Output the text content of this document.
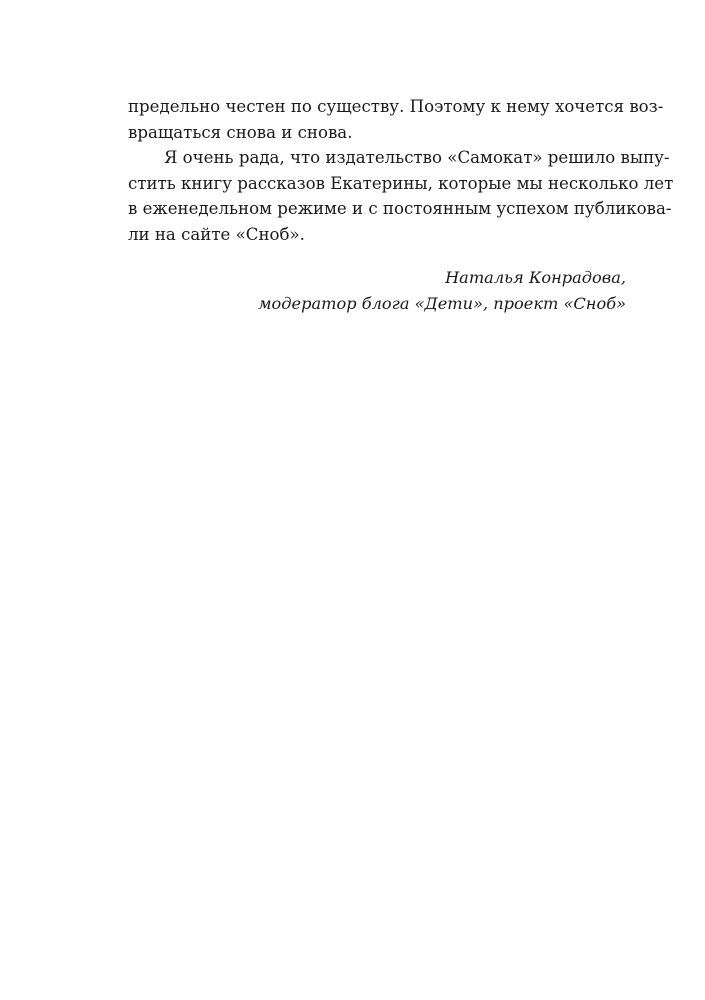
предельно честен по существу. Поэтому к нему хочется воз-
вращаться снова и снова.
Я очень рада, что издательство «Самокат» решило выпу-
стить книгу рассказов Екатерины, которые мы несколько лет
в еженедельном режиме и с постоянным успехом публикова-
ли на сайте «Сноб».
Наталья Конрадова,
модератор блога «Дети», проект «Сноб»
